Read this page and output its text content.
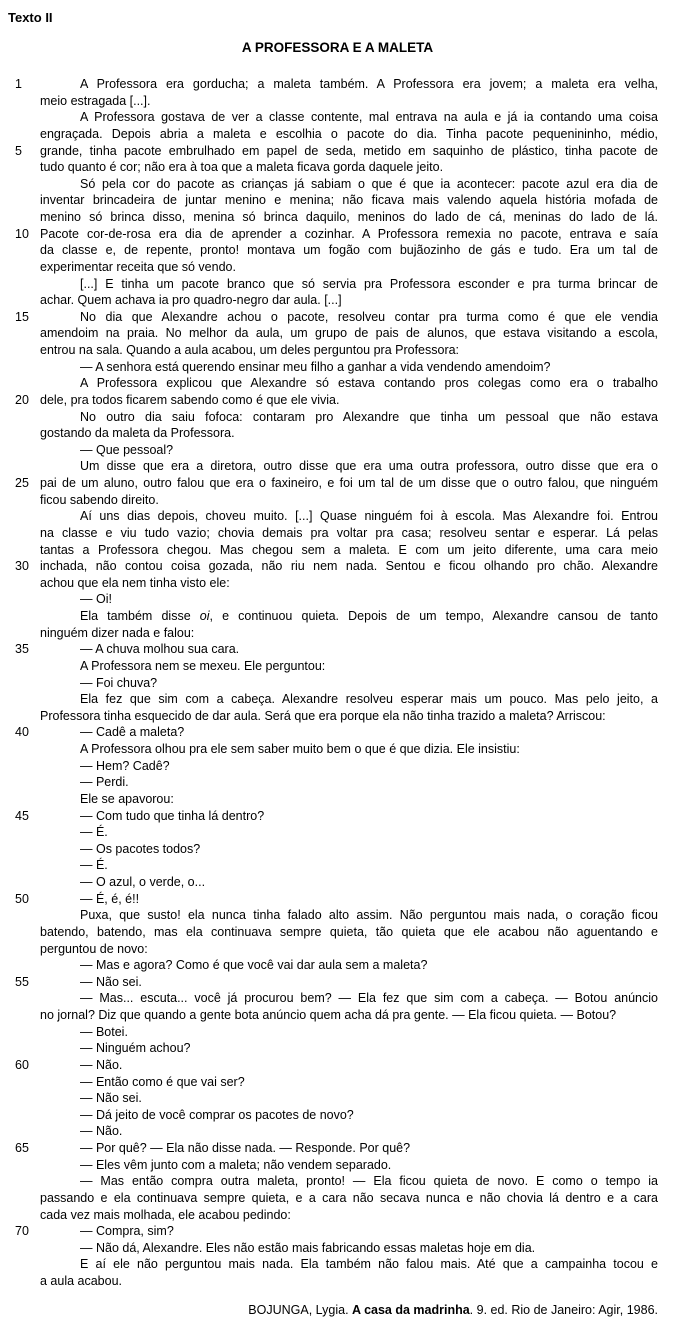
Texto II
A PROFESSORA E A MALETA
1	A Professora era gorducha; a maleta também. A Professora era jovem; a maleta era velha,
meio estragada [...].
A Professora gostava de ver a classe contente, mal entrava na aula e já ia contando uma coisa
engraçada. Depois abria a maleta e escolhia o pacote do dia. Tinha pacote pequenininho, médio,
5	grande, tinha pacote embrulhado em papel de seda, metido em saquinho de plástico, tinha pacote de
tudo quanto é cor; não era à toa que a maleta ficava gorda daquele jeito.
Só pela cor do pacote as crianças já sabiam o que é que ia acontecer: pacote azul era dia de
inventar brincadeira de juntar menino e menina; não ficava mais valendo aquela história mofada de
menino só brinca disso, menina só brinca daquilo, meninos do lado de cá, meninas do lado de lá.
10 Pacote cor-de-rosa era dia de aprender a cozinhar. A Professora remexia no pacote, entrava e saía
da classe e, de repente, pronto! montava um fogão com bujãozinho de gás e tudo. Era um tal de
experimentar receita que só vendo.
[...] E tinha um pacote branco que só servia pra Professora esconder e pra turma brincar de
achar. Quem achava ia pro quadro-negro dar aula. [...]
15	No dia que Alexandre achou o pacote, resolveu contar pra turma como é que ele vendia
amendoim na praia. No melhor da aula, um grupo de pais de alunos, que estava visitando a escola,
entrou na sala. Quando a aula acabou, um deles perguntou pra Professora:
— A senhora está querendo ensinar meu filho a ganhar a vida vendendo amendoim?
A Professora explicou que Alexandre só estava contando pros colegas como era o trabalho
20 dele, pra todos ficarem sabendo como é que ele vivia.
No outro dia saiu fofoca: contaram pro Alexandre que tinha um pessoal que não estava
gostando da maleta da Professora.
— Que pessoal?
Um disse que era a diretora, outro disse que era uma outra professora, outro disse que era o
25 pai de um aluno, outro falou que era o faxineiro, e foi um tal de um disse que o outro falou, que ninguém
ficou sabendo direito.
Aí uns dias depois, choveu muito. [...] Quase ninguém foi à escola. Mas Alexandre foi. Entrou
na classe e viu tudo vazio; chovia demais pra voltar pra casa; resolveu sentar e esperar. Lá pelas
tantas a Professora chegou. Mas chegou sem a maleta. E com um jeito diferente, uma cara meio
30 inchada, não contou coisa gozada, não riu nem nada. Sentou e ficou olhando pro chão. Alexandre
achou que ela nem tinha visto ele:
— Oi!
Ela também disse oi, e continuou quieta. Depois de um tempo, Alexandre cansou de tanto
ninguém dizer nada e falou:
35	— A chuva molhou sua cara.
A Professora nem se mexeu. Ele perguntou:
— Foi chuva?
Ela fez que sim com a cabeça. Alexandre resolveu esperar mais um pouco. Mas pelo jeito, a
Professora tinha esquecido de dar aula. Será que era porque ela não tinha trazido a maleta? Arriscou:
40	— Cadê a maleta?
A Professora olhou pra ele sem saber muito bem o que é que dizia. Ele insistiu:
— Hem? Cadê?
— Perdi.
Ele se apavorou:
45	— Com tudo que tinha lá dentro?
— É.
— Os pacotes todos?
— É.
— O azul, o verde, o...
50	— É, é, é!!
Puxa, que susto! ela nunca tinha falado alto assim. Não perguntou mais nada, o coração ficou
batendo, batendo, mas ela continuava sempre quieta, tão quieta que ele acabou não aguentando e
perguntou de novo:
— Mas e agora? Como é que você vai dar aula sem a maleta?
55	— Não sei.
— Mas... escuta... você já procurou bem? — Ela fez que sim com a cabeça. — Botou anúncio
no jornal? Diz que quando a gente bota anúncio quem acha dá pra gente. — Ela ficou quieta. — Botou?
— Botei.
— Ninguém achou?
60	— Não.
— Então como é que vai ser?
— Não sei.
— Dá jeito de você comprar os pacotes de novo?
— Não.
65	— Por quê? — Ela não disse nada. — Responde. Por quê?
— Eles vêm junto com a maleta; não vendem separado.
— Mas então compra outra maleta, pronto! — Ela ficou quieta de novo. E como o tempo ia
passando e ela continuava sempre quieta, e a cara não secava nunca e não chovia lá dentro e a cara
cada vez mais molhada, ele acabou pedindo:
70	— Compra, sim?
— Não dá, Alexandre. Eles não estão mais fabricando essas maletas hoje em dia.
E aí ele não perguntou mais nada. Ela também não falou mais. Até que a campainha tocou e
a aula acabou.
BOJUNGA, Lygia. A casa da madrinha. 9. ed. Rio de Janeiro: Agir, 1986.
